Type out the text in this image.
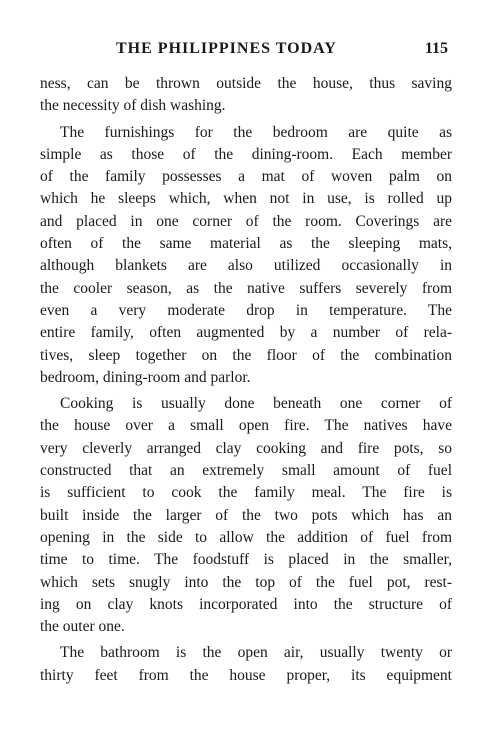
THE PHILIPPINES TODAY	115
ness, can be thrown outside the house, thus saving
the necessity of dish washing.
The furnishings for the bedroom are quite as
simple as those of the dining-room. Each member
of the family possesses a mat of woven palm on
which he sleeps which, when not in use, is rolled up
and placed in one corner of the room. Coverings are
often of the same material as the sleeping mats,
although blankets are also utilized occasionally in
the cooler season, as the native suffers severely from
even a very moderate drop in temperature. The
entire family, often augmented by a number of rela-
tives, sleep together on the floor of the combination
bedroom, dining-room and parlor.
Cooking is usually done beneath one corner of
the house over a small open fire. The natives have
very cleverly arranged clay cooking and fire pots, so
constructed that an extremely small amount of fuel
is sufficient to cook the family meal. The fire is
built inside the larger of the two pots which has an
opening in the side to allow the addition of fuel from
time to time. The foodstuff is placed in the smaller,
which sets snugly into the top of the fuel pot, rest-
ing on clay knots incorporated into the structure of
the outer one.
The bathroom is the open air, usually twenty or
thirty feet from the house proper, its equipment
